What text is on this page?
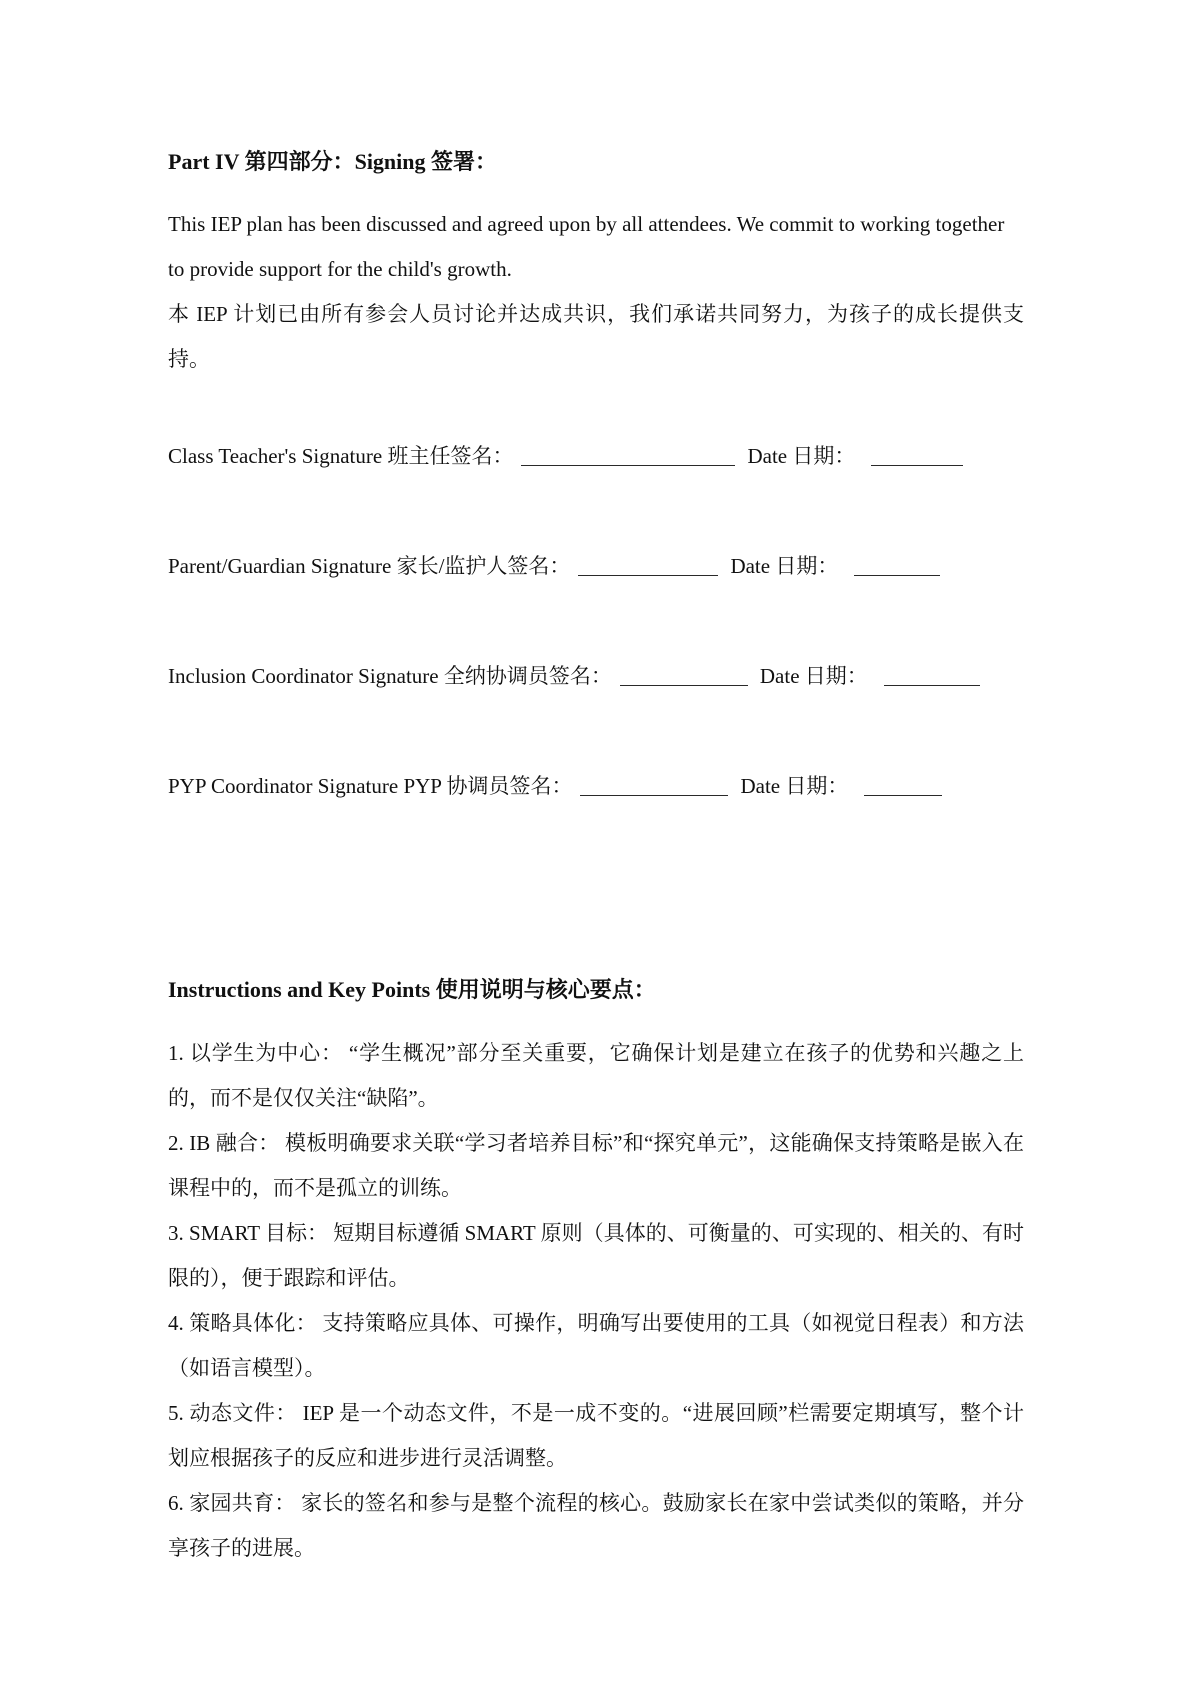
Part IV 第四部分：Signing 签署：

This IEP plan has been discussed and agreed upon by all attendees. We commit to working together to provide support for the child's growth.

本 IEP 计划已由所有参会人员讨论并达成共识，我们承诺共同努力，为孩子的成长提供支持。

Class Teacher's Signature 班主任签名：	Date 日期：
Parent/Guardian Signature 家长/监护人签名：	Date 日期：
Inclusion Coordinator Signature 全纳协调员签名：	Date 日期：
PYP Coordinator Signature PYP 协调员签名：	Date 日期：
Instructions and Key Points 使用说明与核心要点：

1. 以学生为中心： “学生概况”部分至关重要，它确保计划是建立在孩子的优势和兴趣之上的，而不是仅仅关注“缺陷”。

2. IB 融合： 模板明确要求关联“学习者培养目标”和“探究单元”，这能确保支持策略是嵌入在课程中的，而不是孤立的训练。

3. SMART 目标： 短期目标遵循 SMART 原则（具体的、可衡量的、可实现的、相关的、有时限的），便于跟踪和评估。

4. 策略具体化： 支持策略应具体、可操作，明确写出要使用的工具（如视觉日程表）和方法（如语言模型）。

5. 动态文件： IEP 是一个动态文件，不是一成不变的。“进展回顾”栏需要定期填写，整个计划应根据孩子的反应和进步进行灵活调整。

6. 家园共育： 家长的签名和参与是整个流程的核心。鼓励家长在家中尝试类似的策略，并分享孩子的进展。
